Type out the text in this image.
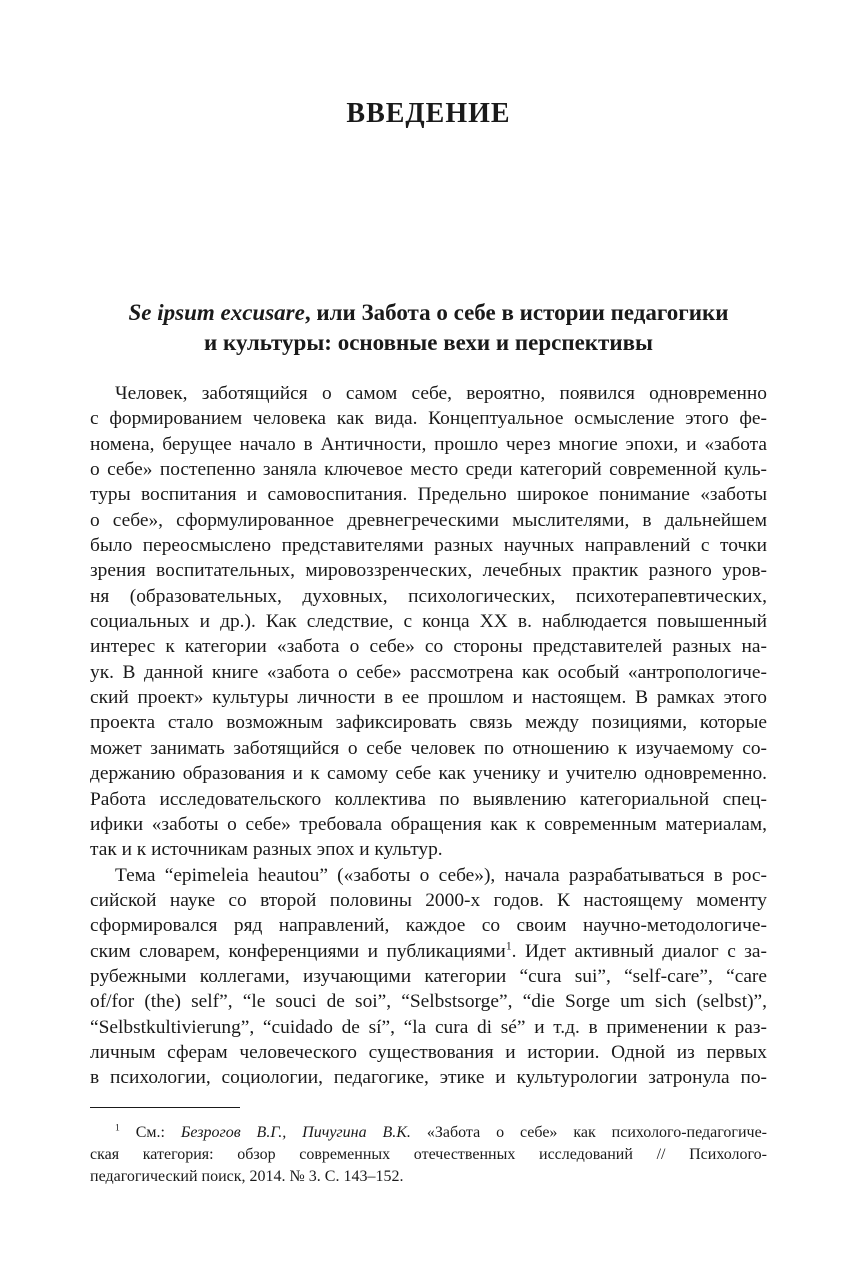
ВВЕДЕНИЕ
Se ipsum excusare, или Забота о себе в истории педагогики
и культуры: основные вехи и перспективы
Человек, заботящийся о самом себе, вероятно, появился одновременно
с формированием человека как вида. Концептуальное осмысление этого фе-
номена, берущее начало в Античности, прошло через многие эпохи, и «забота
о себе» постепенно заняла ключевое место среди категорий современной куль-
туры воспитания и самовоспитания. Предельно широкое понимание «заботы
о себе», сформулированное древнегреческими мыслителями, в дальнейшем
было переосмыслено представителями разных научных направлений с точки
зрения воспитательных, мировоззренческих, лечебных практик разного уров-
ня (образовательных, духовных, психологических, психотерапевтических,
социальных и др.). Как следствие, с конца XX в. наблюдается повышенный
интерес к категории «забота о себе» со стороны представителей разных на-
ук. В данной книге «забота о себе» рассмотрена как особый «антропологиче-
ский проект» культуры личности в ее прошлом и настоящем. В рамках этого
проекта стало возможным зафиксировать связь между позициями, которые
может занимать заботящийся о себе человек по отношению к изучаемому со-
держанию образования и к самому себе как ученику и учителю одновременно.
Работа исследовательского коллектива по выявлению категориальной спец-
ифики «заботы о себе» требовала обращения как к современным материалам,
так и к источникам разных эпох и культур.
Тема “epimeleia heautou” («заботы о себе»), начала разрабатываться в рос-
сийской науке со второй половины 2000-х годов. К настоящему моменту
сформировался ряд направлений, каждое со своим научно-методологиче-
ским словарем, конференциями и публикациями$^1$. Идет активный диалог с за-
рубежными коллегами, изучающими категории “cura sui”, “self-care”, “care
of/for (the) self”, “le souci de soi”, “Selbstsorge”, “die Sorge um sich (selbst)”,
“Selbstkultivierung”, “cuidado de sí”, “la cura di sé” и т.д. в применении к раз-
личным сферам человеческого существования и истории. Одной из первых
в психологии, социологии, педагогике, этике и культурологии затронула по-
$^1$ См.: Безрогов В.Г., Пичугина В.К. «Забота о себе» как психолого-педагогиче-
ская категория: обзор современных отечественных исследований // Психолого-
педагогический поиск, 2014. № 3. С. 143–152.
